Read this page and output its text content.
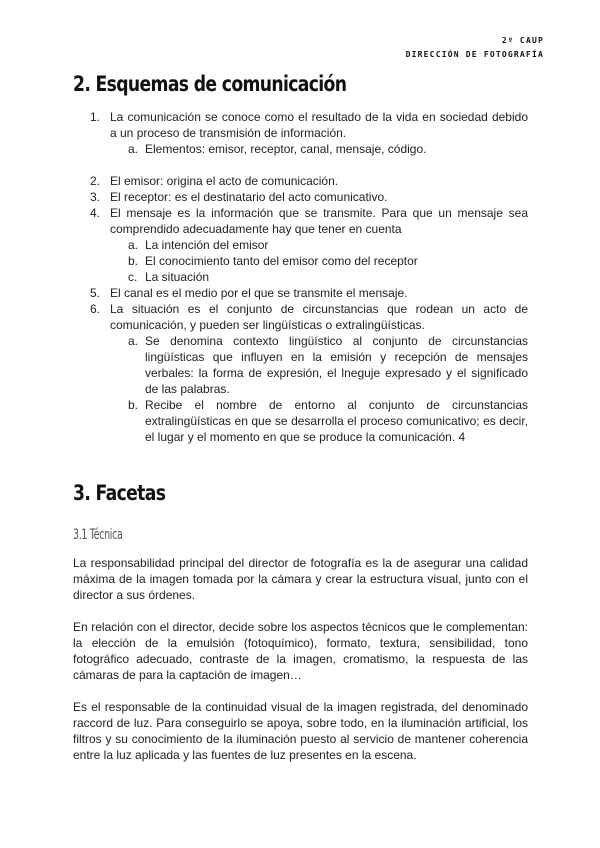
2º CAUP
DIRECCIÓN DE FOTOGRAFÍA
2. Esquemas de comunicación
1. La comunicación se conoce como el resultado de la vida en sociedad debido a un proceso de transmisión de información.
a. Elementos: emisor, receptor, canal, mensaje, código.
2. El emisor: origina el acto de comunicación.
3. El receptor: es el destinatario del acto comunicativo.
4. El mensaje es la información que se transmite. Para que un mensaje sea comprendido adecuadamente hay que tener en cuenta
a. La intención del emisor
b. El conocimiento tanto del emisor como del receptor
c. La situación
5. El canal es el medio por el que se transmite el mensaje.
6. La situación es el conjunto de circunstancias que rodean un acto de comunicación, y pueden ser lingüísticas o extralingüísticas.
a. Se denomina contexto lingüístico al conjunto de circunstancias lingüísticas que influyen en la emisión y recepción de mensajes verbales: la forma de expresión, el lneguje expresado y el significado de las palabras.
b. Recibe el nombre de entorno al conjunto de circunstancias extralingüísticas en que se desarrolla el proceso comunicativo; es decir, el lugar y el momento en que se produce la comunicación. 4
3. Facetas
3.1 Técnica

La responsabilidad principal del director de fotografía es la de asegurar una calidad máxima de la imagen tomada por la cámara y crear la estructura visual, junto con el director a sus órdenes.

En relación con el director, decide sobre los aspectos técnicos que le complementan: la elección de la emulsión (fotoquímico), formato, textura, sensibilidad, tono fotográfico adecuado, contraste de la imagen, cromatismo, la respuesta de las cámaras de para la captación de imagen…

Es el responsable de la continuidad visual de la imagen registrada, del denominado raccord de luz. Para conseguirlo se apoya, sobre todo, en la iluminación artificial, los filtros y su conocimiento de la iluminación puesto al servicio de mantener coherencia entre la luz aplicada y las fuentes de luz presentes en la escena.
